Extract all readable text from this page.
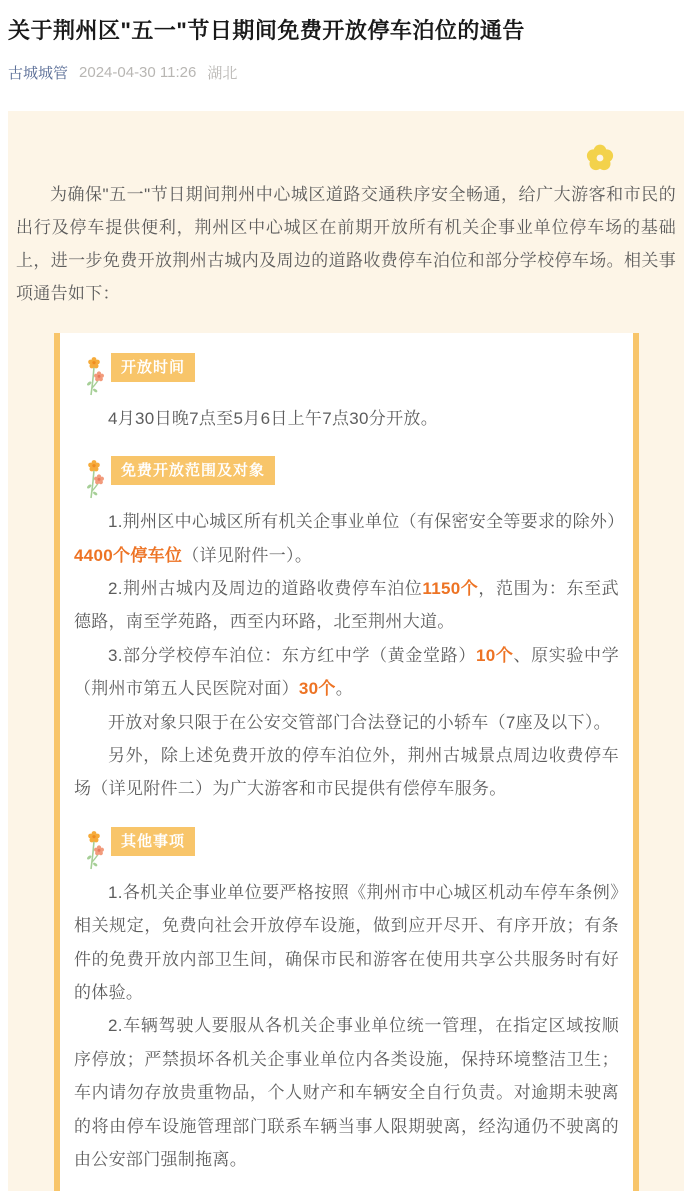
关于荆州区"五一"节日期间免费开放停车泊位的通告
古城城管 2024-04-30 11:26 湖北

为确保"五一"节日期间荆州中心城区道路交通秩序安全畅通，给广大游客和市民的出行及停车提供便利，荆州区中心城区在前期开放所有机关企事业单位停车场的基础上，进一步免费开放荆州古城内及周边的道路收费停车泊位和部分学校停车场。相关事项通告如下：

开放时间

4月30日晚7点至5月6日上午7点30分开放。

免费开放范围及对象

1.荆州区中心城区所有机关企事业单位（有保密安全等要求的除外）4400个停车位（详见附件一）。

2.荆州古城内及周边的道路收费停车泊位1150个，范围为：东至武德路，南至学苑路，西至内环路，北至荆州大道。

3.部分学校停车泊位：东方红中学（黄金堂路）10个、原实验中学（荆州市第五人民医院对面）30个。

开放对象只限于在公安交管部门合法登记的小轿车（7座及以下）。

另外，除上述免费开放的停车泊位外，荆州古城景点周边收费停车场（详见附件二）为广大游客和市民提供有偿停车服务。

其他事项

1.各机关企事业单位要严格按照《荆州市中心城区机动车停车条例》相关规定，免费向社会开放停车设施，做到应开尽开、有序开放；有条件的免费开放内部卫生间，确保市民和游客在使用共享公共服务时有好的体验。

2.车辆驾驶人要服从各机关企事业单位统一管理，在指定区域按顺序停放；严禁损坏各机关企事业单位内各类设施，保持环境整洁卫生；车内请勿存放贵重物品，个人财产和车辆安全自行负责。对逾期未驶离的将由停车设施管理部门联系车辆当事人限期驶离，经沟通仍不驶离的由公安部门强制拖离。
